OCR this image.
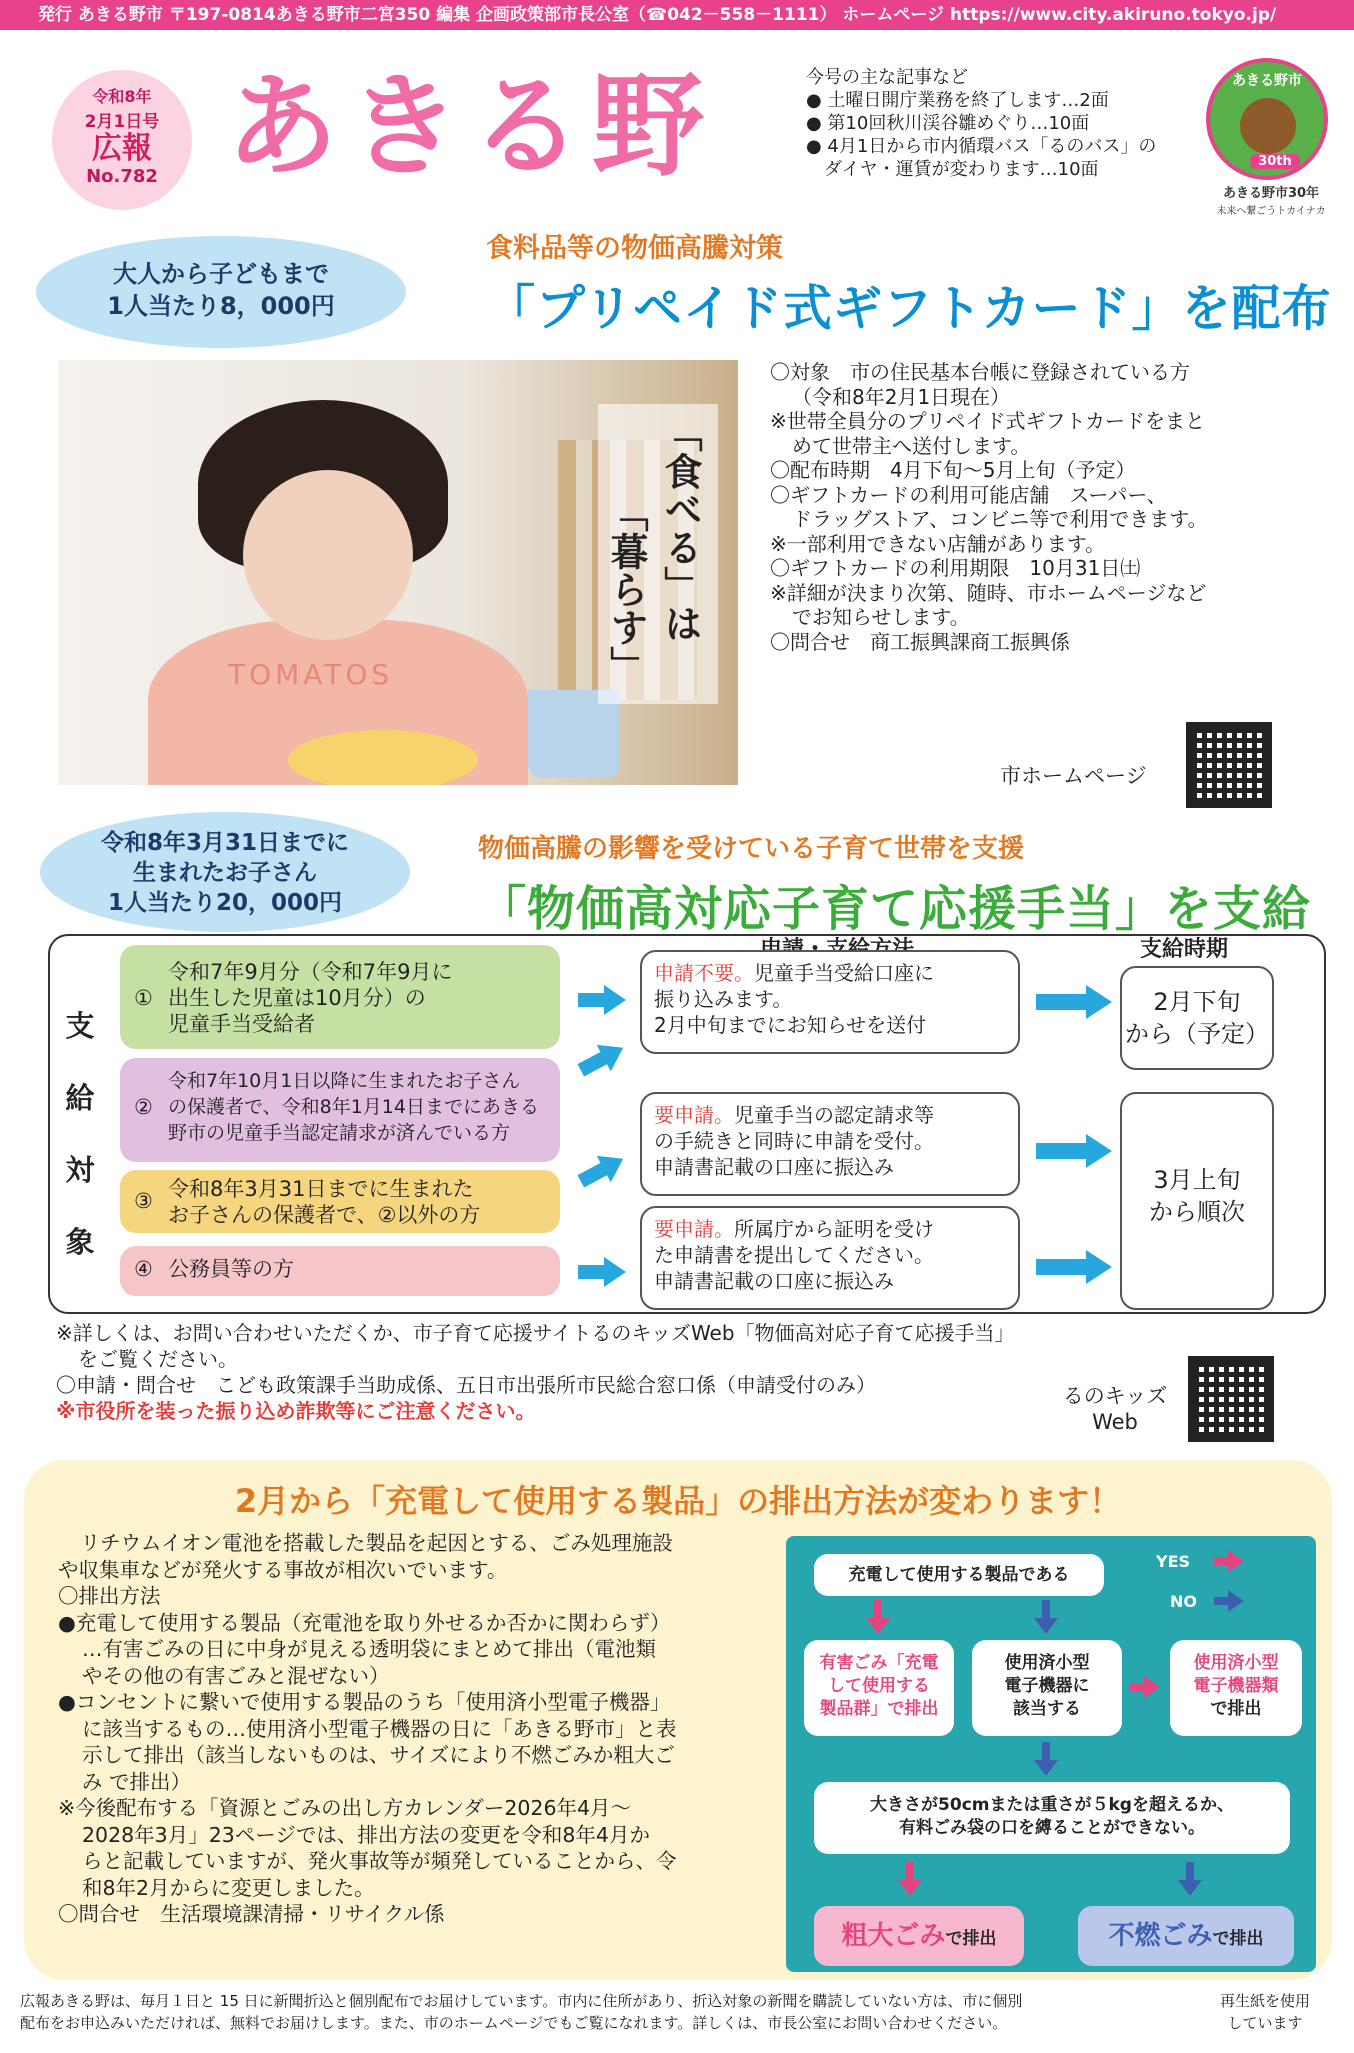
発行 あきる野市 〒197-0814あきる野市二宮350 編集 企画政策部市長公室（☎042－558－1111） ホームページ https://www.city.akiruno.tokyo.jp/
令和8年
2月1日号
広報
No.782 あきる野	今号の主な記事など
● 土曜日開庁業務を終了します…2面
● 第10回秋川渓谷雛めぐり…10面
● 4月1日から市内循環バス「るのバス」の
ダイヤ・運賃が変わります…10面
あきる野市
30th
あきる野市30年
未来へ繋ごうトカイナカ
大人から子どもまで
1人当たり8，000円
食料品等の物価高騰対策
「プリペイド式ギフトカード」を配布
TOMATOS
「食べる」は
「暮らす」

〇対象　市の住民基本台帳に登録されている方

（令和8年2月1日現在）

※世帯全員分のプリペイド式ギフトカードをまと

めて世帯主へ送付します。

〇配布時期　4月下旬～5月上旬（予定）

〇ギフトカードの利用可能店舗　スーパー、

ドラッグストア、コンビニ等で利用できます。

※一部利用できない店舗があります。

〇ギフトカードの利用期限　10月31日㈯

※詳細が決まり次第、随時、市ホームページなど

でお知らせします。

〇問合せ　商工振興課商工振興係

市ホームページ
令和8年3月31日までに
生まれたお子さん
1人当たり20，000円
物価高騰の影響を受けている子育て世帯を支援
「物価高対応子育て応援手当」を支給
支給時期
支
給
対
象
①
令和7年9月分（令和7年9月に
出生した児童は10月分）の
児童手当受給者
②
令和7年10月1日以降に生まれたお子さん
の保護者で、令和8年1月14日までにあきる
野市の児童手当認定請求が済んでいる方
③ 令和8年3月31日までに生まれた
お子さんの保護者で、②以外の方
④ 公務員等の方
申請不要。児童手当受給口座に
振り込みます。
2月中旬までにお知らせを送付
要申請。児童手当の認定請求等
の手続きと同時に申請を受付。
申請書記載の口座に振込み
要申請。所属庁から証明を受け
た申請書を提出してください。
申請書記載の口座に振込み
2月下旬
から（予定）
3月上旬
から順次
※詳しくは、お問い合わせいただくか、市子育て応援サイトるのキッズWeb「物価高対応子育て応援手当」
をご覧ください。
〇申請・問合せ　こども政策課手当助成係、五日市出張所市民総合窓口係（申請受付のみ）
※市役所を装った振り込め詐欺等にご注意ください。
るのキッズ
Web
2月から「充電して使用する製品」の排出方法が変わります！

リチウムイオン電池を搭載した製品を起因とする、ごみ処理施設

や収集車などが発火する事故が相次いでいます。

〇排出方法

●充電して使用する製品（充電池を取り外せるか否かに関わらず）

…有害ごみの日に中身が見える透明袋にまとめて排出（電池類

やその他の有害ごみと混ぜない）

●コンセントに繋いで使用する製品のうち「使用済小型電子機器」

に該当するもの…使用済小型電子機器の日に「あきる野市」と表

示して排出（該当しないものは、サイズにより不燃ごみか粗大ご

み で排出）

※今後配布する「資源とごみの出し方カレンダー2026年4月～

2028年3月」23ページでは、排出方法の変更を令和8年4月か

らと記載していますが、発火事故等が頻発していることから、令

和8年2月からに変更しました。

〇問合せ　生活環境課清掃・リサイクル係

充電して使用する製品である
YES
NO
有害ごみ「充電
して使用する
製品群」で排出
使用済小型
電子機器に
該当する
使用済小型
電子機器類
で排出
大きさが50cmまたは重さが５kgを超えるか、
有料ごみ袋の口を縛ることができない。
粗大ごみで排出	不燃ごみで排出
広報あきる野は、毎月１日と 15 日に新聞折込と個別配布でお届けしています。市内に住所があり、折込対象の新聞を購読していない方は、市に個別
配布をお申込みいただければ、無料でお届けします。また、市のホームページでもご覧になれます。詳しくは、市長公室にお問い合わせください。
再生紙を使用
しています
